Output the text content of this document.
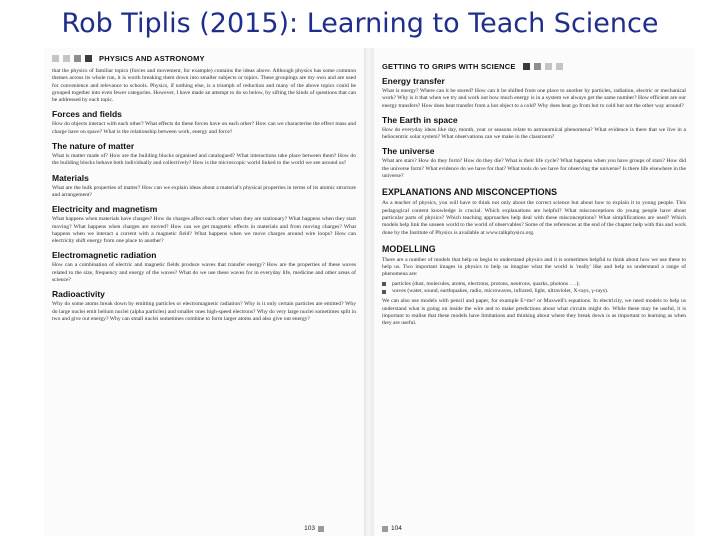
Rob Tiplis (2015): Learning to Teach Science
PHYSICS AND ASTRONOMY

that the physics of familiar topics (forces and movement, for example) contains the ideas above. Although physics has some common themes across its whole run, it is worth breaking them down into smaller subjects or topics. These groupings are my own and are used for convenience and relevance to schools. Physics, if nothing else, is a triumph of reduction and many of the above topics could be grouped together into even fewer categories. However, I have made an attempt to do so below, by sifting the kinds of questions that can be addressed by each topic.

Forces and fields

How do objects interact with each other? What effects do these forces have on each other? How can we characterise the effect mass and charge have on space? What is the relationship between work, energy and force?

The nature of matter

What is matter made of? How are the building blocks organised and catalogued? What interactions take place between them? How do the building blocks behave both individually and collectively? How is the microscopic world linked to the world we see around us?

Materials

What are the bulk properties of matter? How can we explain ideas about a material's physical properties in terms of its atomic structure and arrangement?

Electricity and magnetism

What happens when materials have charges? How do charges affect each other when they are stationary? What happens when they start moving? What happens when charges are moved? How can we get magnetic effects in materials and from moving charges? What happens when we interact a current with a magnetic field? What happens when we move charges around wire loops? How can electricity shift energy from one place to another?

Electromagnetic radiation

How can a combination of electric and magnetic fields produce waves that transfer energy? How are the properties of these waves related to the size, frequency and energy of the waves? What do we use these waves for in everyday life, medicine and other areas of science?

Radioactivity

Why do some atoms break down by emitting particles or electromagnetic radiation? Why is it only certain particles are emitted? Why do large nuclei emit helium nuclei (alpha particles) and smaller ones high-speed electrons? Why do very large nuclei sometimes split in two and give out energy? Why can small nuclei sometimes combine to form larger atoms and also give out energy?

103
GETTING TO GRIPS WITH SCIENCE
Energy transfer

What is energy? Where can it be stored? How can it be shifted from one place to another by particles, radiation, electric or mechanical work? Why is it that when we try and work out how much energy is in a system we always get the same number? How efficient are our energy transfers? How does heat transfer from a hot object to a cold? Why does heat go from hot to cold but not the other way around?

The Earth in space

How do everyday ideas like day, month, year or seasons relate to astronomical phenomena? What evidence is there that we live in a heliocentric solar system? What observations can we make in the classroom?

The universe

What are stars? How do they form? How do they die? What is their life cycle? What happens when you have groups of stars? How did the universe form? What evidence do we have for that? What tools do we have for observing the universe? Is there life elsewhere in the universe?

EXPLANATIONS AND MISCONCEPTIONS

As a teacher of physics, you will have to think not only about the correct science but about how to explain it to young people. This pedagogical content knowledge is crucial. Which explanations are helpful? What misconceptions do young people have about particular parts of physics? Which teaching approaches help deal with these misconceptions? What simplifications are used? Which models help link the unseen world to the world of observables? Some of the references at the end of the chapter help with this and work done by the Institute of Physics is available at www.talkphysics.org.

MODELLING

There are a number of models that help us begin to understand physics and it is sometimes helpful to think about how we use these to help us. Two important images in physics to help us imagine what the world is 'really' like and help us understand a range of phenomena are:

particles (dust, molecules, atoms, electrons, protons, neutrons, quarks, photons . . .);
waves (water, sound, earthquakes, radio, microwaves, infrared, light, ultraviolet, X-rays, γ-rays).

We can also use models with pencil and paper, for example E=mc² or Maxwell's equations. In electricity, we need models to help us understand what is going on inside the wire and to make predictions about what circuits might do. While these may be useful, it is important to realise that these models have limitations and thinking about where they break down is as important to learning as when they are useful.

104
